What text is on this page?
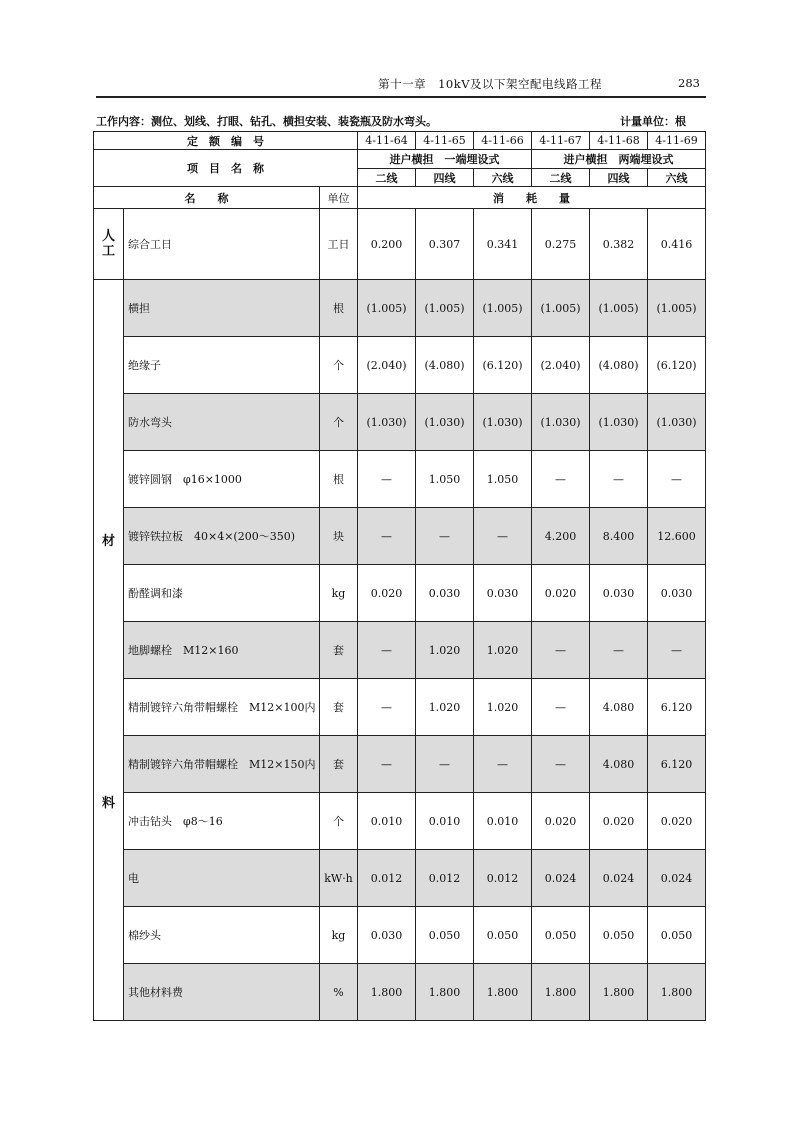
第十一章　10kV及以下架空配电线路工程	283
工作内容：测位、划线、打眼、钻孔、横担安装、装瓷瓶及防水弯头。	计量单位：根
定　额　编　号			4-11-64	4-11-65	4-11-66	4-11-67	4-11-68	4-11-69
项　目　名　称			进户横担　一端埋设式			进户横担　两端埋设式		
			二线	四线	六线	二线	四线	六线
名　　称		单位	消　　耗　　量					
人工	综合工日	工日	0.200	0.307	0.341	0.275	0.382	0.416

材
料	横担	根	(1.005)	(1.005)	(1.005)	(1.005)	(1.005)	(1.005)
	绝缘子	个	(2.040)	(4.080)	(6.120)	(2.040)	(4.080)	(6.120)
	防水弯头	个	(1.030)	(1.030)	(1.030)	(1.030)	(1.030)	(1.030)
	镀锌圆钢　φ16×1000	根	—	1.050	1.050	—	—	—
	镀锌铁拉板　40×4×(200～350)	块	—	—	—	4.200	8.400	12.600
	酚醛调和漆	kg	0.020	0.030	0.030	0.020	0.030	0.030
	地脚螺栓　M12×160	套	—	1.020	1.020	—	—	—
	精制镀锌六角带帽螺栓　M12×100内	套	—	1.020	1.020	—	4.080	6.120
	精制镀锌六角带帽螺栓　M12×150内	套	—	—	—	—	4.080	6.120
	冲击钻头　φ8～16	个	0.010	0.010	0.010	0.020	0.020	0.020
	电	kW·h	0.012	0.012	0.012	0.024	0.024	0.024
	棉纱头	kg	0.030	0.050	0.050	0.050	0.050	0.050
	其他材料费	%	1.800	1.800	1.800	1.800	1.800	1.800
